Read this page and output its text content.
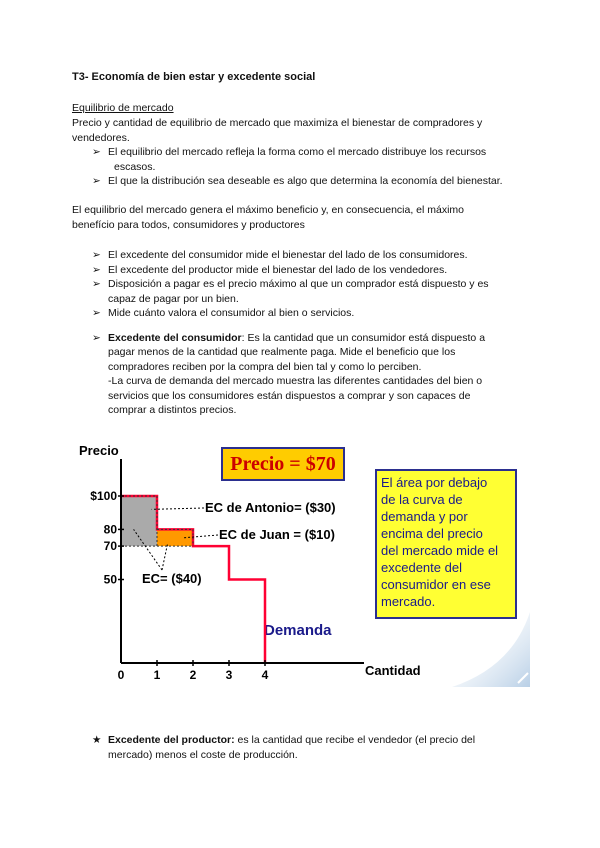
T3- Economía de bien estar y excedente social
Equilibrio de mercado
Precio y cantidad de equilibrio de mercado que maximiza el bienestar de compradores y
vendedores.
➢ El equilibrio del mercado refleja la forma como el mercado distribuye los recursos
escasos.
➢ El que la distribución sea deseable es algo que determina la economía del bienestar.
El equilibrio del mercado genera el máximo beneficio y, en consecuencia, el máximo
benefício para todos, consumidores y productores
➢ El excedente del consumidor mide el bienestar del lado de los consumidores.
➢ El excedente del productor mide el bienestar del lado de los vendedores.
➢ Disposición a pagar es el precio máximo al que un comprador está dispuesto y es
capaz de pagar por un bien.
➢ Mide cuánto valora el consumidor al bien o servicios.
➢ Excedente del consumidor: Es la cantidad que un consumidor está dispuesto a
pagar menos de la cantidad que realmente paga. Mide el beneficio que los
compradores reciben por la compra del bien tal y como lo perciben.
-La curva de demanda del mercado muestra las diferentes cantidades del bien o
servicios que los consumidores están dispuestos a comprar y son capaces de
comprar a distintos precios.
Precio
Cantidad
Demanda
0 1 2 3 4
$100
80
70
50
EC de Antonio= ($30)
EC de Juan = ($10)
EC= ($40)
Precio = $70
El área por debajo
de la curva de
demanda y por
encima del precio
del mercado mide el
excedente del
consumidor en ese
mercado.
★ Excedente del productor: es la cantidad que recibe el vendedor (el precio del
mercado) menos el coste de producción.
